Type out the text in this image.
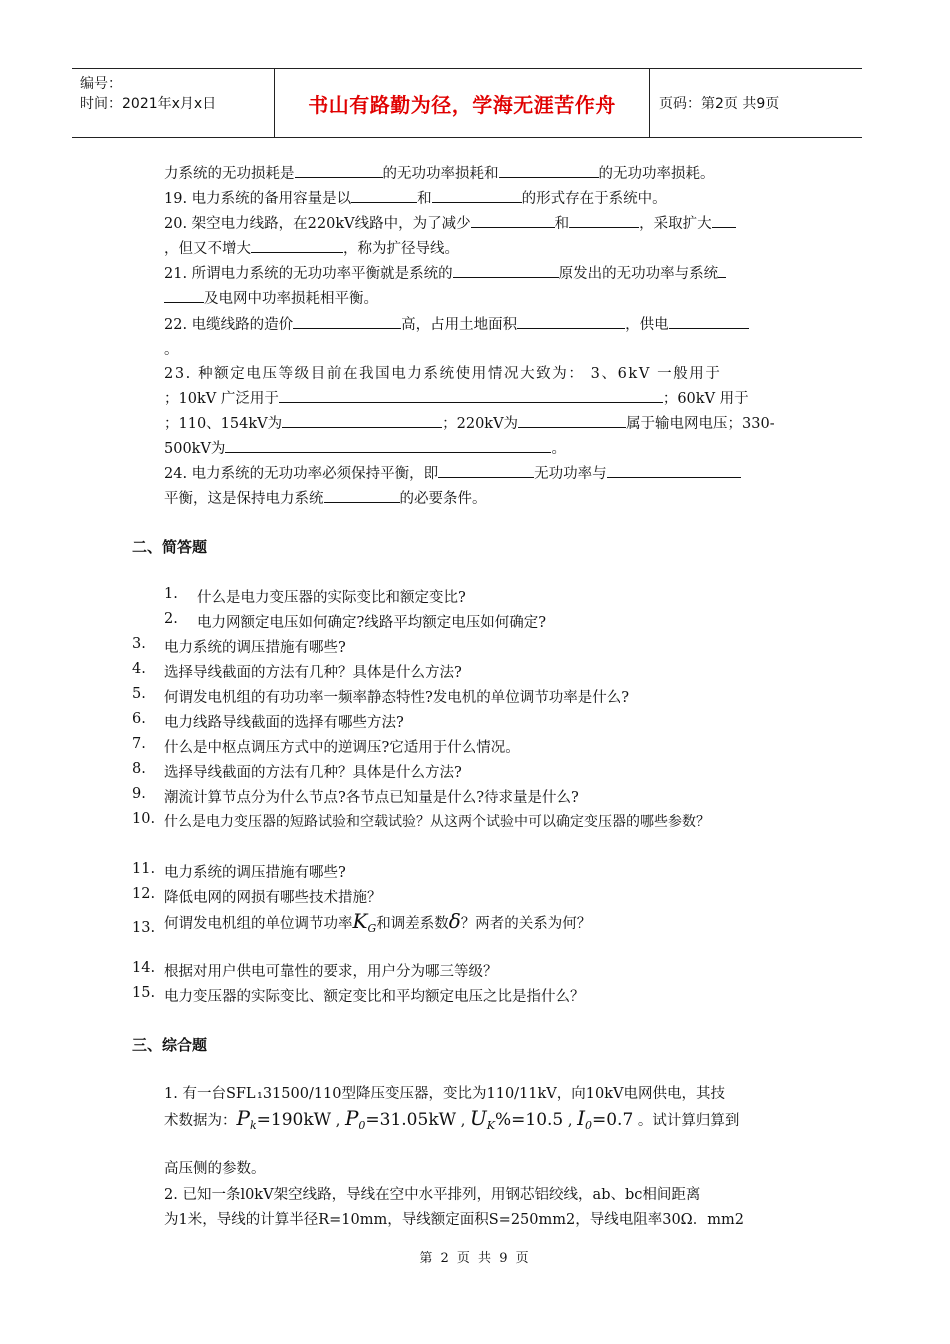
编号：
时间：2021年x月x日	书山有路勤为径，学海无涯苦作舟	页码：第2页 共9页
力系统的无功损耗是	的无功功率损耗和	的无功功率损耗。
19. 电力系统的备用容量是以	和	的形式存在于系统中。
20. 架空电力线路，在220kV线路中，为了减少	和	，采取扩大
，但又不增大	，称为扩径导线。
21. 所谓电力系统的无功功率平衡就是系统的	原发出的无功功率与系统
及电网中功率损耗相平衡。
22. 电缆线路的造价	高，占用土地面积	，供电
。
23. 种额定电压等级目前在我国电力系统使用情况大致为： 3、6kV 一般用于
；10kV 广泛用于	；60kV 用于
；110、154kV为	；220kV为	属于输电网电压；330-
500kV为	。
24. 电力系统的无功功率必须保持平衡，即	无功功率与
平衡，这是保持电力系统	的必要条件。
二、简答题
1. 什么是电力变压器的实际变比和额定变比?
2. 电力网额定电压如何确定?线路平均额定电压如何确定?
3. 电力系统的调压措施有哪些?
4. 选择导线截面的方法有几种？具体是什么方法?
5. 何谓发电机组的有功功率一频率静态特性?发电机的单位调节功率是什么?
6. 电力线路导线截面的选择有哪些方法?
7. 什么是中枢点调压方式中的逆调压?它适用于什么情况。
8. 选择导线截面的方法有几种？具体是什么方法?
9. 潮流计算节点分为什么节点?各节点已知量是什么?待求量是什么?
10. 什么是电力变压器的短路试验和空载试验？从这两个试验中可以确定变压器的哪些参数？
11. 电力系统的调压措施有哪些?
12. 降低电网的网损有哪些技术措施？
13. 何谓发电机组的单位调节功率$K_G$和调差系数δ？两者的关系为何？
14. 根据对用户供电可靠性的要求，用户分为哪三等级？
15. 电力变压器的实际变比、额定变比和平均额定电压之比是指什么？
三、综合题
1. 有一台SFL ₁31500/110型降压变压器，变比为110/11kV，向10kV电网供电，其技
术数据为：$P_k=190kW$ , $P_0=31.05kW$ , $U_K\%=10.5$ , $I_0=0.7$ 。试计算归算到
高压侧的参数。
2. 已知一条l0kV架空线路，导线在空中水平排列，用钢芯铝绞线，ab、bc相间距离
为1米，导线的计算半径R=10mm，导线额定面积S=250mm2，导线电阻率30Ω．mm2
第 2 页 共 9 页
